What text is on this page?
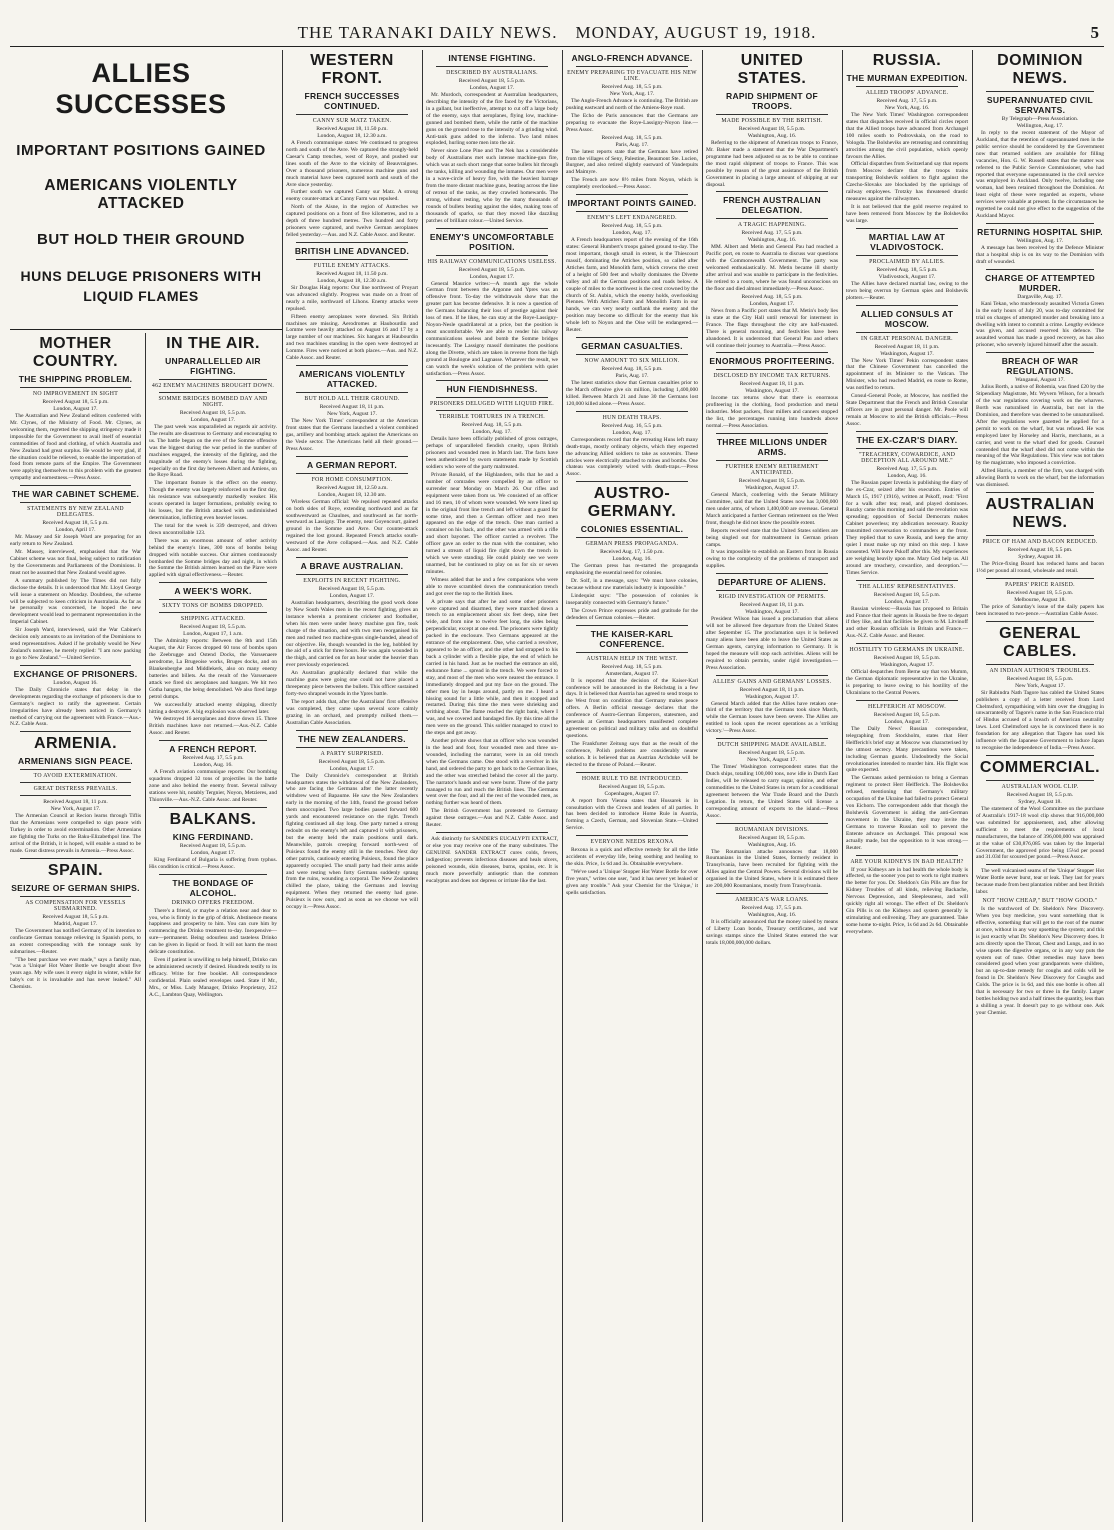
THE TARANAKI DAILY NEWS. MONDAY, AUGUST 19, 1918.	5
ALLIES SUCCESSES
IMPORTANT POSITIONS GAINED
AMERICANS VIOLENTLY ATTACKED
BUT HOLD THEIR GROUND
HUNS DELUGE PRISONERS WITH LIQUID FLAMES
MOTHER COUNTRY.
THE SHIPPING PROBLEM.
NO IMPROVEMENT IN SIGHT
Received August 18, 5.5 p.m.
London, August 17.

The Australian and New Zealand editors conferred with Mr. Clynes, of the Ministry of Food. Mr. Clynes, as welcoming them, regretted the shipping stringency made it impossible for the Government to avail itself of essential commodities of food and clothing, of which Australia and New Zealand had great surplus. He would be very glad, if the situation could be relieved, to enable the importation of food from remote parts of the Empire. The Government were applying themselves to this problem with the greatest sympathy and earnestness.—Press Assoc.

THE WAR CABINET SCHEME.
STATEMENTS BY NEW ZEALAND DELEGATES.
Received August 18, 5.5 p.m.
London, April 17.

Mr. Massey and Sir Joseph Ward are preparing for an early return to New Zealand.

Mr. Massey, interviewed, emphasised that the War Cabinet scheme was not final, being subject to ratification by the Governments and Parliaments of the Dominions. It must not be assumed that New Zealand would agree.

A summary published by The Times did not fully disclose the details. It is understood that Mr. Lloyd George will issue a statement on Monday. Doubtless, the scheme will be subjected to keen criticism in Australasia. As far as he personally was concerned, he hoped the new development would lead to permanent representation in the Imperial Cabinet.

Sir Joseph Ward, interviewed, said the War Cabinet's decision only amounts to an invitation of the Dominions to send representatives. Asked if he probably would be New Zealand's nominee, he merely replied: "I am now packing to go to New Zealand."—United Service.

EXCHANGE OF PRISONERS.
London, August 16.

The Daily Chronicle states that delay in the developments regarding the exchange of prisoners is due to Germany's neglect to ratify the agreement. Certain irregularities have already been noticed in Germany's method of carrying out the agreement with France.—Aus.-N.Z. Cable Assn.

ARMENIA.
ARMENIANS SIGN PEACE.
TO AVOID EXTERMINATION.
GREAT DISTRESS PREVAILS.
Received August 18, 11 p.m.
New York, August 17.

The Armenian Council at Recion learns through Tiflis that the Armenians were compelled to sign peace with Turkey in order to avoid extermination. Other Armenians are fighting the Turks on the Baku-Elizabethpol line. The arrival of the British, it is hoped, will enable a stand to be made. Great distress prevails in Armenia.—Press Assoc.

SPAIN.
SEIZURE OF GERMAN SHIPS.
AS COMPENSATION FOR VESSELS SUBMARINED.
Received August 18, 5.5 p.m.
Madrid, August 17.

The Government has notified Germany of its intention to confiscate German tonnage relieving in Spanish ports, to an extent corresponding with the tonnage sunk by submarines.—Reuter.

"The best purchase we ever made," says a family man, "was a 'Unique' Hot Water Bottle we bought about five years ago. My wife uses it every night in winter, while for baby's cot it is invaluable and has never leaked." All Chemists.

IN THE AIR.
UNPARALLELLED AIR FIGHTING.
462 ENEMY MACHINES BROUGHT DOWN.
SOMME BRIDGES BOMBED DAY AND NIGHT.
Received August 18, 5.5 p.m.
London, August 17.

The past week was unparalleled as regards air activity. The results are disastrous to Germany and encouraging to us. The battle began on the eve of the Somme offensive was the biggest during the war period in the number of machines engaged, the intensity of the fighting, and the magnitude of the enemy's losses during the fighting, especially on the first day between Albert and Amiens, on the Roye Road.

The important feature is the effect on the enemy. Though the enemy was largely reinforced on the first day, his resistance was subsequently markedly weaker. His scouts operated in larger formations, probably owing to his losses, but the British attacked with undiminished determination, inflicting even heavier losses.

The total for the week is 339 destroyed, and driven down uncontrollable 123.

There was an enormous amount of other activity behind the enemy's lines, 300 tons of bombs being dropped with notable success. Our airmen continuously bombarded the Somme bridges day and night, in which the Somme the British airmen learned on the Piave were applied with signal effectiveness.—Reuter.

A WEEK'S WORK.
SIXTY TONS OF BOMBS DROPPED.
SHIPPING ATTACKED.
Received August 18, 5.5 p.m.
London, August 17, 1 a.m.

The Admiralty reports: Between the 8th and 15th August, the Air Forces dropped 60 tons of bombs upon the Zeebrugge and Ostend Docks, the Varssenaere aerodrome, La Brugeoise works, Bruges docks, and on Blankenberghe and Middlekerk, also on many enemy batteries and billets. As the result of the Varssenaere attack we fired six aeroplanes and hangars. We hit two Gotha hangars, the being demolished. We also fired large petrol dumps.

We successfully attacked enemy shipping, directly hitting a destroyer. A big explosion was observed later.

We destroyed 16 aeroplanes and drove down 15. Three British machines have not returned.—Aus.-N.Z. Cable Assoc. and Reuter.

A FRENCH REPORT.
Received Aug. 17, 5.5 p.m.
London, Aug. 16.

A French aviation communique reports: Our bombing squadrons dropped 32 tons of projectiles in the battle zone and also behind the enemy front. Several railway stations were hit, notably Tergnier, Noyon, Metzieres, and Thionville.—Aus.-N.Z. Cable Assoc. and Reuter.

BALKANS.
KING FERDINAND.
Received August 18, 5.5 p.m.
London, August 17.

King Ferdinand of Bulgaria is suffering from typhus. His condition is critical.—Press Assoc.

THE BONDAGE OF ALCOHOL.
DRINKO OFFERS FREEDOM.

There's a friend, or maybe a relation near and dear to you, who is firmly in the grip of drink. Abstinence means happiness and prosperity to him. You can cure him by commencing the Drinko treatment to-day. Inexpensive—sure—permanent. Being odourless and tasteless Drinko can be given in liquid or food. It will not harm the most delicate constitution.

Even if patient is unwilling to help himself, Drinko can be administered secretly if desired. Hundreds testify to its efficacy. Write for free booklet. All correspondence confidential. Plain sealed envelopes used. State if Mr., Mrs., or Miss. Lady Manager, Drinko Proprietary, 212 A.C., Lambton Quay, Wellington.

WESTERN FRONT.
FRENCH SUCCESSES CONTINUED.
CANNY SUR MATZ TAKEN.
Received August 18, 11.50 p.m.
London, August 18, 12.30 a.m.

A French communique states: We continued to progress north and south of the Avre. We captured the strongly-held Caesar's Camp trenches, west of Roye, and pushed our lines south of the Avre to the vicinity of Beauvraignes. Over a thousand prisoners, numerous machine guns and much material have been captured north and south of the Avre since yesterday.

Further south we captured Canny sur Matz. A strong enemy counter-attack at Canny Farm was repulsed.

North of the Aisne, in the region of Autreches we captured positions on a front of five kilometres, and to a depth of three hundred metres. Two hundred and forty prisoners were captured, and twelve German aeroplanes felled yesterday.—Aus. and N.Z. Cable Assoc. and Reuter.

BRITISH LINE ADVANCED.
FUTILE ENEMY ATTACKS.
Received August 18, 11.50 p.m.
London, August 18, 12.30 a.m.

Sir Douglas Haig reports: Our line northwest of Proyart was advanced slightly. Progress was made on a front of nearly a mile, northward of Lihons. Enemy attacks were repulsed.

Fifteen enemy aeroplanes were downed. Six British machines are missing. Aerodromes at Haubourdin and Lomme were heavily attacked on August 16 and 17 by a large number of our machines. Six hangars at Haubourdin and two machines standing in the open were destroyed at Lomme. Fires were noticed at both places.—Aus. and N.Z. Cable Assoc. and Reuter.

AMERICANS VIOLENTLY ATTACKED.
BUT HOLD ALL THEIR GROUND.
Received August 18, 11 p.m.
New York, August 17.

The New York Times' correspondent at the American front states that the Germans launched a violent combined gas, artillery and bombing attack against the Americans on the Vesle sector. The Americans held all their ground.—Press Assoc.

A GERMAN REPORT.
FOR HOME CONSUMPTION.
Received August 18, 12.50 a.m.
London, August 18, 12.30 am.

Wireless German official: We repulsed repeated attacks on both sides of Roye, extending northward and as far southwestward as Chaulnes, and southward as far north-westward as Lassigny. The enemy, near Goyencourt, gained ground in the Somme and Avre. Our counter-attack regained the lost ground. Repeated French attacks south-westward of the Avre collapsed.—Aus. and N.Z. Cable Assoc. and Reuter.

A BRAVE AUSTRALIAN.
EXPLOITS IN RECENT FIGHTING.
Received August 18, 5.5 p.m.
London, August 17.

Australian headquarters, describing the good work done by New South Wales men in the recent fighting, gives an instance wherein a prominent cricketer and footballer, when his men were under heavy machine gun fire, took charge of the situation, and with two men reorganised his men and rushed two machine-guns single-handed, ahead of our objective. He, though wounded in the leg, hobbled by the aid of a stick for three hours. He was again wounded in the thigh, and carried on for an hour under the heavier than ever previously experienced.

An Australian graphically declared that while the machine guns were going one could not have placed a threepenny piece between the bullets. This officer sustained forty-two shrapnel wounds in the Ypres battle.

The report adds that, after the Australians' first offensive was completed, they came upon several score calmly grazing in an orchard, and promptly milked them.—Australian Cable Association.

THE NEW ZEALANDERS.
A PARTY SURPRISED.
Received August 18, 5.5 p.m.
London, August 17.

The Daily Chronicle's correspondent at British headquarters states the withdrawal of the New Zealanders, who are facing the Germans after the latter recently withdrew west of Bapaume. He saw the New Zealanders early in the morning of the 14th, found the ground before them unoccupied. Two large bodies passed forward 600 yards and encountered resistance on the right. Trench fighting continued all day long. One party turned a strong redoubt on the enemy's left and captured it with prisoners, but the enemy held the main positions until dark. Meanwhile, patrols creeping forward north-west of Puisieux found the enemy still in the trenches. Next day other patrols, cautiously entering Puisieux, found the place apparently occupied. The small party had their arms aside and were resting when forty Germans suddenly sprang from the ruins, wounding a corporal. The New Zealanders chilled the place, taking the Germans and leaving equipment. When they returned the enemy had gone. Puisieux is now ours, and as soon as we choose we will occupy it.—Press Assoc.

INTENSE FIGHTING.
DESCRIBED BY AUSTRALIANS.
Received August 18, 5.5 p.m.
London, August 17.

Mr. Murdoch, correspondent at Australian headquarters, describing the intensity of the fire faced by the Victorians, in a gallant, but ineffective, attempt to cut off a large body of the enemy, says that aeroplanes, flying low, machine-gunned and bombed them, while the rattle of the machine guns on the ground rose to the intensity of a grinding wind. Anti-tank guns added to the inferno. Two land mines exploded, hurling some men into the air.

Never since Lone Pine and The Nek has a considerable body of Australians met such intense machine-gun fire, which was at such short range that some bullets hit through the tanks, killing and wounding the inmates. Our men were in a wave-circle of heavy fire, with the heaviest barrage from the more distant machine guns, beating across the line of retreat of the tanks, as they crawled homewards. The strong, without resting, who by the many thousands of rounds of bullets beating against the sides, making tons of thousands of sparks, so that they moved like dazzling patches of brilliant colour.—United Service.

ENEMY'S UNCOMFORTABLE POSITION.
HIS RAILWAY COMMUNICATIONS USELESS.
Received August 18, 5.5 p.m.
London, August 17.

General Maurice writes:—A month ago the whole German front between the Argonne and Ypres was an offensive front. To-day the withdrawals show that the greater part has become defensive. It is now a question of the Germans balancing their loss of prestige against their loss of men. If he likes, he can stay at the Roye-Lassigny-Noyon-Nesle quadrilateral at a price, but the position is most uncomfortable. We are able to render his railway communications useless and bomb the Somme bridges incessantly. The Lassigny massif dominates the positions along the Divette, which are taken in reverse from the high ground at Boulogne and Lagnasse. Whatever the result, we can watch the week's solution of the problem with quiet satisfaction.—Press Assoc.

HUN FIENDISHNESS.
PRISONERS DELUGED WITH LIQUID FIRE.
TERRIBLE TORTURES IN A TRENCH.
Received Aug. 18, 5.5 p.m.
London, Aug. 17.

Details have been officially published of gross outrages, perhaps of unparalleled fiendish cruelty, upon British prisoners and wounded men in March last. The facts have been authenticated by sworn statements made by Scottish soldiers who were of the party maltreated.

Private Ronald, of the Highlanders, tells that he and a number of comrades were compelled by an officer to surrender near Monday on March 26. Our rifles and equipment were taken from us. We consisted of an officer and 16 men, 10 of whom were wounded. We were lined up in the original front line trench and left without a guard for some time, and then a German officer and two men appeared on the edge of the trench. One man carried a container on his back, and the other was armed with a rifle and short bayonet. The officer carried a revolver. The officer gave an order to the man with the container, who turned a stream of liquid fire right down the trench in which we were standing. He could plainly see we were unarmed, but he continued to play on us for six or seven minutes.

Witness added that he and a few companions who were able to move scrambled down the communication trench and got over the top to the British lines.

A private says that after he and some other prisoners were captured and disarmed, they were marched down a trench to an emplacement about six feet deep, nine feet wide, and from nine to twelve feet long, the sides being perpendicular, except at one end. The prisoners were tightly packed in the enclosure. Two Germans appeared at the entrance of the emplacement. One, who carried a revolver, appeared to be an officer, and the other had strapped to his back a cylinder with a flexible pipe, the end of which he carried in his hand. Just as he reached the entrance an old, endurance fume ... spread in the trench. We were forced to stay, and most of the men who were nearest the entrance. I immediately dropped and put my face on the ground. The other men lay in heaps around, partly on me. I heard a hissing sound for a little while, and then it stopped and restarted. During this time the men were shrieking and writhing about. The flame reached the right bank, where I was, and we covered and bandaged fire. By this time all the men were on the ground. This soldier managed to crawl to the steps and got away.

Another private shows that an officer who was wounded in the head and foot, four wounded men and three un-wounded, including the narrator, were in an old trench when the Germans came. One stood with a revolver in his hand, and ordered the party to get back to the German lines, and the other was stretched behind the cover all the party. The narrator's hands and ear were burnt. Three of the party managed to run and reach the British lines. The Germans went over the four, and all the rest of the wounded men, as nothing further was heard of them.

The British Government has protested to Germany against these outrages.—Aus and N.Z. Cable Assoc. and Reuter.

Ask distinctly for SANDER'S EUCALYPTI EXTRACT, or else you may receive one of the many substitutes. The GENUINE SANDER EXTRACT cures colds, fevers, indigestion; prevents infectious diseases and heals ulcers, poisoned wounds, skin diseases, burns, sprains, etc. It is much more powerfully antiseptic than the common eucalyptus and does not depress or irritate like the last.

ANGLO-FRENCH ADVANCE.
ENEMY PREPARING TO EVACUATE HIS NEW LINE.
Received Aug. 18, 5.5 p.m.
New York, Aug. 17.

The Anglo-French Advance is continuing. The British are pushing eastward and north of the Amiens-Roye road.

The Echo de Paris announces that the Germans are preparing to evacuate the Roye-Lassigny-Noyon line.—Press Assoc.

Received Aug. 18, 5.5 p.m.
Paris, Aug. 17.

The latest reports state that the Germans have retired from the villages of Seny, Palestine, Beaumont Ste. Lucien, Burgner, and also retired slightly eastward of Vanderpuits and Maimyre.

The French are now 8½ miles from Noyon, which is completely overlooked.—Press Assoc.

IMPORTANT POINTS GAINED.
ENEMY'S LEFT ENDANGERED.
Received Aug. 18, 5.5 p.m.
London, Aug. 17.

A French headquarters report of the evening of the 16th states: General Humbert's troops gained ground to-day. The most important, though small in extent, is the Thiescourt massif, dominating the Attiches position, so called after Attiches farm, and Monolith farm, which crowns the crest of a height of 500 feet and wholly dominates the Divette valley and all the German positions and roads below. A couple of miles to the northwest is the crest crowned by the church of St. Aubin, which the enemy holds, overlooking Piennes. With Attiches Farm and Monolith Farm in our hands, we can very nearly outflank the enemy and the position may become so difficult for the enemy that his whole left to Noyon and the Oise will be endangered.—Reuter.

GERMAN CASUALTIES.
NOW AMOUNT TO SIX MILLION.
Received Aug. 18, 5.5 p.m.
Paris, Aug. 17.

The latest statistics show that German casualties prior to the March offensive give six million, including 1,400,000 killed. Between March 21 and June 30 the Germans lost 120,000 killed alone.—Press Assoc.

HUN DEATH TRAPS.
Received Aug. 16, 5.5 p.m.
London, Aug. 17.

Correspondents record that the retreating Huns left many death-traps, mostly ordinary objects, which they expected the advancing Allied soldiers to take as souvenirs. These articles were electrically attached to mines and bombs. One chateau was completely wired with death-traps.—Press Assoc.

AUSTRO-GERMANY.
COLONIES ESSENTIAL.
GERMAN PRESS PROPAGANDA.
Received Aug. 17, 1.50 p.m.
London, Aug. 16.

The German press has re-started the propaganda emphasising the essential need for colonies.

Dr. Solf, in a message, says: "We must have colonies, because without raw materials industry is impossible."

Lindequist says: "The possession of colonies is inseparably connected with Germany's future."

The Crown Prince expresses pride and gratitude for the defenders of German colonies.—Reuter.

THE KAISER-KARL CONFERENCE.
AUSTRIAN HELP IN THE WEST.
Received Aug. 18, 5.5 p.m.
Amsterdam, August 17.

It is reported that the decision of the Kaiser-Karl conference will be announced in the Reichstag in a few days. It is believed that Austria has agreed to send troops to the West front on condition that Germany makes peace offers. A Berlin official message declares that the conference of Austro-German Emperors, statesmen, and generals at German headquarters manifested complete agreement on political and military talks and on doubtful questions.

The Frankfurter Zeitung says that as the result of the conference, Polish problems are considerably nearer solution. It is believed that an Austrian Archduke will be elected to the throne of Poland.—Reuter.

HOME RULE TO BE INTRODUCED.
Received August 18, 5.5 p.m.
Copenhagen, August 17.

A report from Vienna states that Hussarek is in consultation with the Crown and leaders of all parties. It has been decided to introduce Home Rule in Austria, forming a Czech, German, and Slovenian State.—United Service.

EVERYONE NEEDS REXONA

Rexona is a quick and effective remedy for all the little accidents of everyday life, being soothing and healing to the skin. Price, 1s 6d and 3s. Obtainable everywhere.

"We've used a 'Unique' Stopper Hot Water Bottle for over five years," writes one user, "and it has never yet leaked or given any trouble." Ask your Chemist for the 'Unique,' it spells satisfaction.

UNITED STATES.
RAPID SHIPMENT OF TROOPS.
MADE POSSIBLE BY THE BRITISH.
Received August 18, 5.5 p.m.
Washington, Aug. 16.

Referring to the shipment of American troops to France, Mr. Baker made a statement that the War Department's programme had been adjusted so as to be able to continue the most rapid shipment of troops to France. This was possible by reason of the great assistance of the British Government in placing a large amount of shipping at our disposal.

FRENCH AUSTRALIAN DELEGATION.
A TRAGIC HAPPENING.
Received Aug. 17, 5.5 p.m.
Washington, Aug. 16.

MM. Albert and Metin and General Pau had reached a Pacific port, en route to Australia to discuss war questions with the Commonwealth Government. The party was welcomed enthusiastically. M. Metin became ill shortly after arrival and was unable to participate in the festivities. He retired to a room, where he was found unconscious on the floor and died almost immediately.—Press Assoc.

Received Aug. 18, 5.5 p.m.
London, August 17.

News from a Pacific port states that M. Metin's body lies in state at the City Hall until removal for interment in France. The flags throughout the city are half-masted. There is general mourning, and festivities have been abandoned. It is understood that General Pau and others will continue their journey to Australia.—Press Assoc.

ENORMOUS PROFITEERING.
DISCLOSED BY INCOME TAX RETURNS.
Received August 18, 11 p.m.
Washington, August 17.

Income tax returns show that there is enormous profiteering in the clothing, food production and metal industries. Most packers, flour millers and canners stopped the list, the percentages running into hundreds above normal.—Press Association.

THREE MILLIONS UNDER ARMS.
FURTHER ENEMY RETIREMENT ANTICIPATED.
Received August 18, 5.5 p.m.
Washington, August 17.

General March, conferring with the Senate Military Committee, said that the United States now has 3,000,000 men under arms, of whom 1,400,000 are overseas. General March anticipated a further German retirement on the West front, though he did not know the possible extent.

Reports received state that the United States soldiers are being singled out for maltreatment in German prison camps.

It was impossible to establish an Eastern front in Russia owing to the complexity of the problems of transport and supplies.

DEPARTURE OF ALIENS.
RIGID INVESTIGATION OF PERMITS.
Received August 18, 11 p.m.
Washington, August 17.

President Wilson has issued a proclamation that aliens will not be allowed free departure from the United States after September 15. The proclamation says it is believed many aliens have been able to leave the United States as German agents, carrying information to Germany. It is hoped the measure will stop such activities. Aliens will be required to obtain permits, under rigid investigation.—Press Association.

ALLIES' GAINS AND GERMANS' LOSSES.
Received August 18, 11 p.m.
Washington, August 17.

General March added that the Allies have retaken one-third of the territory that the Germans took since March, while the German losses have been severe. The Allies are entitled to look upon the recent operations as a 'striking victory.'—Press Assoc.

DUTCH SHIPPING MADE AVAILABLE.
Received August 18, 5.5 p.m.
New York, August 17.

The Times' Washington correspondent states that the Dutch ships, totalling 100,000 tons, now idle in Dutch East Indies, will be released to carry sugar, quinine, and other commodities to the United States in return for a conditional agreement between the War Trade Board and the Dutch Legation. In return, the United States will license a corresponding amount of exports to the island.—Press Assoc.

ROUMANIAN DIVISIONS.
Received August 18, 5.5 p.m.
Washington, Aug. 16.

The Roumanian attache announces that 18,000 Roumanians in the United States, formerly resident in Transylvania, have been recruited for fighting with the Allies against the Central Powers. Several divisions will be organised in the United States, where it is estimated there are 200,000 Roumanians, mostly from Transylvania.

AMERICA'S WAR LOANS.
Received Aug. 17, 5.5 p.m.
Washington, Aug. 16.

It is officially announced that the money raised by means of Liberty Loan bonds, Treasury certificates, and war savings stamps since the United States entered the war totals 18,000,000,000 dollars.

RUSSIA.
THE MURMAN EXPEDITION.
ALLIED TROOPS' ADVANCE.
Received Aug. 17, 5.5 p.m.
New York, Aug. 16.

The New York Times' Washington correspondent states that dispatches received in official circles report that the Allied troops have advanced from Archangel 100 miles south to Podrovskaia, on the road to Vologda. The Bolsheviks are retreating and committing atrocities among the civil population, which openly favours the Allies.

Official dispatches from Switzerland say that reports from Moscow declare that the troops trains transporting Bolshevik soldiers to fight against the Czecho-Slovaks are blockaded by the uprisings of railway employees. Trotzky has threatened drastic measures against the railwaymen.

It is not believed that the gold reserve required to have been removed from Moscow by the Bolsheviks was large.

MARTIAL LAW AT VLADIVOSTOCK.
PROCLAIMED BY ALLIES.
Received Aug. 18, 5.5 p.m.
Vladivostock, August 17.

The Allies have declared martial law, owing to the town being overrun by German spies and Bolshevik plotters.—Reuter.

ALLIED CONSULS AT MOSCOW.
IN GREAT PERSONAL DANGER.
Received August 18, 11 p.m.
Washington, August 17.

The New York Times' Pekin correspondent states that the Chinese Government has cancelled the appointment of its Minister to the Vatican. The Minister, who had reached Madrid, en route to Rome, was notified to return.

Consul-General Poole, at Moscow, has notified the State Department that the French and British Consular officers are in great personal danger. Mr. Poole will remain at Moscow to aid the British officials.—Press Assoc.

THE EX-CZAR'S DIARY.
"TREACHERY, COWARDICE, AND DECEPTION ALL AROUND ME."
Received Aug. 17, 5.5 p.m.
London, Aug. 16.

The Russian paper Izvestia is publishing the diary of the ex-Czar, seized after his execution. Entries of March 15, 1917 (1916), written at Pskoff, read: "First for a walk after tea; read, and played dominoes. Ruszky came this morning and said the revolution was spreading; opposition of Social Democrats makes Cabinet powerless; my abdication necessary. Ruszky transmitted conversation to commanders at the front. They replied that to save Russia, and keep the army quiet I must make up my mind on this step. I have consented. Will leave Pskoff after this. My experiences are weighing heavily upon me. Mary God help us. All around are treachery, cowardice, and deception."—Times Service.

THE ALLIES' REPRESENTATIVES.
Received August 18, 5.5 p.m.
London, August 17.

Russian wireless:—Russia has proposed to Britain and France that their agents in Russia be free to depart if they like, and that facilities be given to M. Litvinoff and other Russian officials in Britain and France.—Aus.-N.Z. Cable Assoc. and Reuter.

HOSTILITY TO GERMANS IN UKRAINE.
Received August 18, 5.5 p.m.
Washington, August 17.

Official despatches from Berne say that von Mumm, the German diplomatic representative in the Ukraine, is preparing to leave owing to his hostility of the Ukrainians to the Central Powers.

HELFFERICH AT MOSCOW.
Received August 18, 5.5 p.m.
London, August 17.

The Daily News' Russian correspondent, telegraphing from Stockholm, states that Herr Helfferich's brief stay at Moscow was characterised by the utmost secrecy. Many precautions were taken, including German guards. Undoubtedly the Social revolutionaries intended to murder him. His flight was quite expected.

The Germans asked permission to bring a German regiment to protect Herr Helfferich. The Bolsheviks refused, mentioning that Germany's military occupation of the Ukraine had failed to protect General von Eichorn. The correspondent adds that though the Bolshevik Government is aiding the anti-German movement in the Ukraine, they may invite the Germans to traverse Russian soil to prevent the Entente advance on Archangel. This proposal was actually made, but the opposition to it was strong.—Reuter.

ARE YOUR KIDNEYS IN BAD HEALTH?

If your Kidneys are in bad health the whole body is affected, so the sooner you put to work to right matters the better for you. Dr. Sheldon's Gin Pills are fine for Kidney Troubles of all kinds, relieving Backache, Nervous Depression, and Sleeplessness, and will quickly right all wrongs. The effect of Dr. Sheldon's Gin Pills is on the Kidneys and system generally is stimulating and enlivening. They are guaranteed. Take some home to-night. Price, 1s 6d and 2s 6d. Obtainable everywhere.

DOMINION NEWS.
SUPERANNUATED CIVIL SERVANTS.
By Telegraph—Press Association.
Wellington, Aug. 17.

In reply to the recent statement of the Mayor of Auckland, that the retention of superannuated men in the public service should be considered by the Government now that returned soldiers are available for filling vacancies, Hon. G. W. Russell states that the matter was referred to the Public Service Commissioner, who had reported that everyone superannuated in the civil service was employed in Auckland. Only twelve, including one woman, had been retained throughout the Dominion. At least eight of these were regarded as experts, whose services were valuable at present. In the circumstances he regretted he could not give effect to the suggestion of the Auckland Mayor.

RETURNING HOSPITAL SHIP.
Wellington, Aug. 17.

A message has been received by the Defence Minister that a hospital ship is on its way to the Dominion with draft of wounded.

CHARGE OF ATTEMPTED MURDER.
Dargaville, Aug. 17.

Kani Tekan, who murderously assaulted Victoria Green in the early hours of July 20, was to-day committed for trial on charges of attempted murder and breaking into a dwelling with intent to commit a crime. Lengthy evidence was given, and accused reserved his defence. The assaulted woman has made a good recovery, as has also prisoner, who severely injured himself after the assault.

BREACH OF WAR REGULATIONS.
Wanganui, August 17.

Julius Borth, a native of Bohemia, was fined £20 by the Stipendiary Magistrate, Mr. Wyvern Wilson, for a breach of the war regulations covering work on the wharves. Borth was naturalised in Australia, but not in the Dominion, and therefore was deemed to be unnaturalised. After the regulations were gazetted he applied for a permit to work on the wharf, but was refused. He was employed later by Horseley and Harris, merchants, as a carrier, and went to the wharf shed for goods. Counsel contended that the wharf shed did not come within the meaning of the War Regulations. This view was not taken by the magistrate, who imposed a conviction.

Alfred Harris, a member of the firm, was charged with allowing Borth to work on the wharf, but the information was dismissed.

AUSTRALIAN NEWS.
PRICE OF HAM AND BACON REDUCED.
Received August 18, 5.5 pm.
Sydney, August 18.

The Price-fixing Board has reduced hams and bacon 1½d per pound all round, wholesale and retail.

PAPERS' PRICE RAISED.
Received August 18, 5.5 p.m.
Melbourne, August 18.

The price of Saturday's issue of the daily papers has been increased to two-pence.—Australian Cable Assoc.

GENERAL CABLES.
AN INDIAN AUTHOR'S TROUBLES.
Received August 18, 5.5 p.m.
New York, August 17.

Sir Rabindra Nath Tagore has cabled the United States publishers a copy of a letter received from Lord Chelmsford, sympathising with him over the drugging in unwarrantedly of Tagore's name in the San Francisco trial of Hindus accused of a breach of American neutrality laws. Lord Chelmsford says he is convinced there is no foundation for any allegation that Tagore has used his influence with the Japanese Government to induce Japan to recognise the independence of India.—Press Assoc.

COMMERCIAL.
AUSTRALIAN WOOL CLIP.
Received August 18, 5.5 p.m.
Sydney, August 18.

The statement of the Wool Committee on the purchase of Australia's 1917-18 wool clip shows that 916,000,000 was submitted for appraisement, and, after allowing sufficient to meet the requirements of local manufacturers, the balance of 396,000,000 was appraised at the value of £30,876,085 was taken by the Imperial Government, the approved price being 15¼d per pound and 31.03d for scoured per pound.—Press Assoc.

The well vulcanised seams of the 'Unique' Stopper Hot Water Bottle never burst, tear or leak. They last for years because made from best plantation rubber and best British labor.

NOT "HOW CHEAP," BUT "HOW GOOD."

Is the watchword of Dr. Sheldon's New Discovery. When you buy medicine, you want something that is effective, something that will get to the root of the matter at once, without in any way upsetting the system; and this is just exactly what Dr. Sheldon's New Discovery does. It acts directly upon the Throat, Chest and Lungs, and in no wise upsets the digestive organs, or in any way puts the system out of tune. Other remedies may have been considered good when your grandparents were children, but an up-to-date remedy for coughs and colds will be found in Dr. Sheldon's New Discovery for Coughs and Colds. The price is 1s 6d, and this one bottle is often all that is necessary for two or three in the family. Larger bottles holding two and a half times the quantity, less than a shilling a year. It doesn't pay to go without one. Ask your Chemist.
